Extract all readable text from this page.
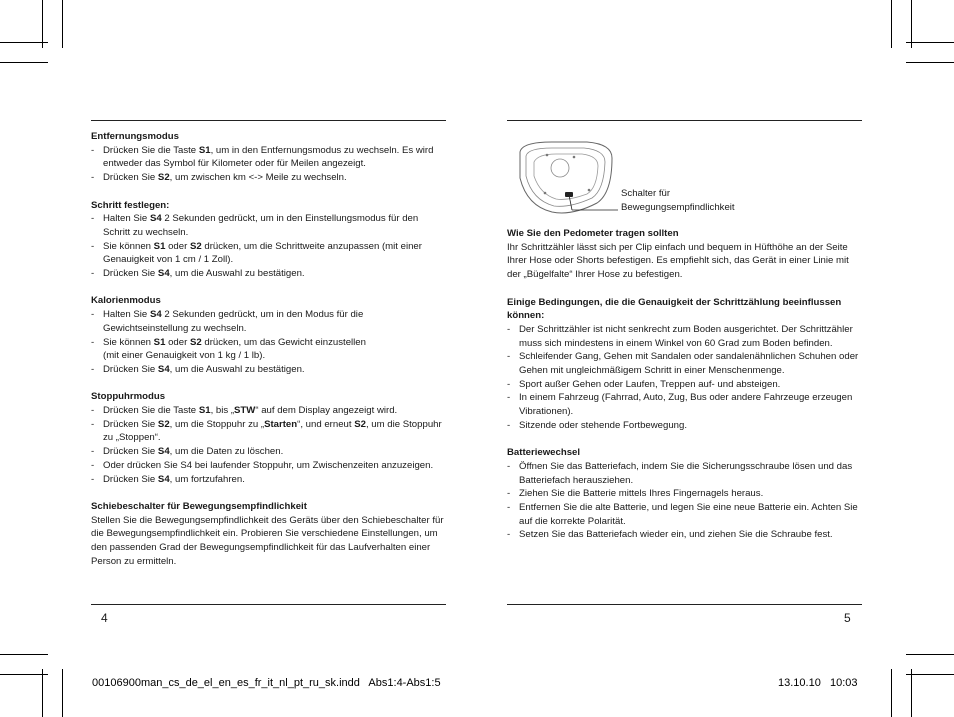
Entfernungsmodus
- Drücken Sie die Taste S1, um in den Entfernungsmodus zu wechseln. Es wird entweder das Symbol für Kilometer oder für Meilen angezeigt.
- Drücken Sie S2, um zwischen km <-> Meile zu wechseln.
Schritt festlegen:
- Halten Sie S4 2 Sekunden gedrückt, um in den Einstellungsmodus für den Schritt zu wechseln.
- Sie können S1 oder S2 drücken, um die Schrittweite anzupassen (mit einer Genauigkeit von 1 cm / 1 Zoll).
- Drücken Sie S4, um die Auswahl zu bestätigen.
Kalorienmodus
- Halten Sie S4 2 Sekunden gedrückt, um in den Modus für die Gewichtseinstellung zu wechseln.
- Sie können S1 oder S2 drücken, um das Gewicht einzustellen
(mit einer Genauigkeit von 1 kg / 1 lb).
- Drücken Sie S4, um die Auswahl zu bestätigen.
Stoppuhrmodus
- Drücken Sie die Taste S1, bis „STW“ auf dem Display angezeigt wird.
- Drücken Sie S2, um die Stoppuhr zu „Starten“, und erneut S2, um die Stoppuhr zu „Stoppen“.
- Drücken Sie S4, um die Daten zu löschen.
- Oder drücken Sie S4 bei laufender Stoppuhr, um Zwischenzeiten anzuzeigen.
- Drücken Sie S4, um fortzufahren.
Schiebeschalter für Bewegungsempfindlichkeit
Stellen Sie die Bewegungsempfindlichkeit des Geräts über den Schiebeschalter für die Bewegungsempfindlichkeit ein. Probieren Sie verschiedene Einstellungen, um den passenden Grad der Bewegungsempfindlichkeit für das Laufverhalten einer Person zu ermitteln.
Schalter für
Bewegungsempfindlichkeit
Wie Sie den Pedometer tragen sollten
Ihr Schrittzähler lässt sich per Clip einfach und bequem in Hüfthöhe an der Seite Ihrer Hose oder Shorts befestigen. Es empfiehlt sich, das Gerät in einer Linie mit der „Bügelfalte“ Ihrer Hose zu befestigen.
Einige Bedingungen, die die Genauigkeit der Schrittzählung beeinflussen können:
- Der Schrittzähler ist nicht senkrecht zum Boden ausgerichtet. Der Schrittzähler muss sich mindestens in einem Winkel von 60 Grad zum Boden befinden.
- Schleifender Gang, Gehen mit Sandalen oder sandalenähnlichen Schuhen oder Gehen mit ungleichmäßigem Schritt in einer Menschenmenge.
- Sport außer Gehen oder Laufen, Treppen auf- und absteigen.
- In einem Fahrzeug (Fahrrad, Auto, Zug, Bus oder andere Fahrzeuge erzeugen Vibrationen).
- Sitzende oder stehende Fortbewegung.
Batteriewechsel
- Öffnen Sie das Batteriefach, indem Sie die Sicherungsschraube lösen und das Batteriefach herausziehen.
- Ziehen Sie die Batterie mittels Ihres Fingernagels heraus.
- Entfernen Sie die alte Batterie, und legen Sie eine neue Batterie ein. Achten Sie auf die korrekte Polarität.
- Setzen Sie das Batteriefach wieder ein, und ziehen Sie die Schraube fest.
4	5
00106900man_cs_de_el_en_es_fr_it_nl_pt_ru_sk.indd   Abs1:4-Abs1:5	13.10.10   10:03
